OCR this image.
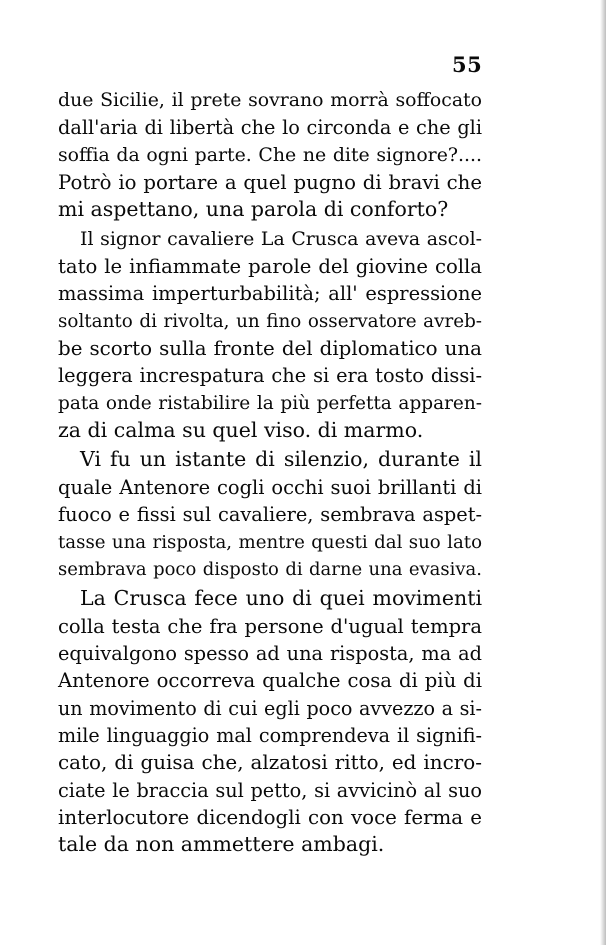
55
due Sicilie, il prete sovrano morrà soffocato
dall'aria di libertà che lo circonda e che gli
soffia da ogni parte. Che ne dite signore?....
Potrò io portare a quel pugno di bravi che
mi aspettano, una parola di conforto?
Il signor cavaliere La Crusca aveva ascol-
tato le infiammate parole del giovine colla
massima imperturbabilità; all' espressione
soltanto di rivolta, un fino osservatore avreb-
be scorto sulla fronte del diplomatico una
leggera increspatura che si era tosto dissi-
pata onde ristabilire la più perfetta apparen-
za di calma su quel viso. di marmo.
Vi fu un istante di silenzio, durante il
quale Antenore cogli occhi suoi brillanti di
fuoco e fissi sul cavaliere, sembrava aspet-
tasse una risposta, mentre questi dal suo lato
sembrava poco disposto di darne una evasiva.
La Crusca fece uno di quei movimenti
colla testa che fra persone d'ugual tempra
equivalgono spesso ad una risposta, ma ad
Antenore occorreva qualche cosa di più di
un movimento di cui egli poco avvezzo a si-
mile linguaggio mal comprendeva il signifi-
cato, di guisa che, alzatosi ritto, ed incro-
ciate le braccia sul petto, si avvicinò al suo
interlocutore dicendogli con voce ferma e
tale da non ammettere ambagi.
